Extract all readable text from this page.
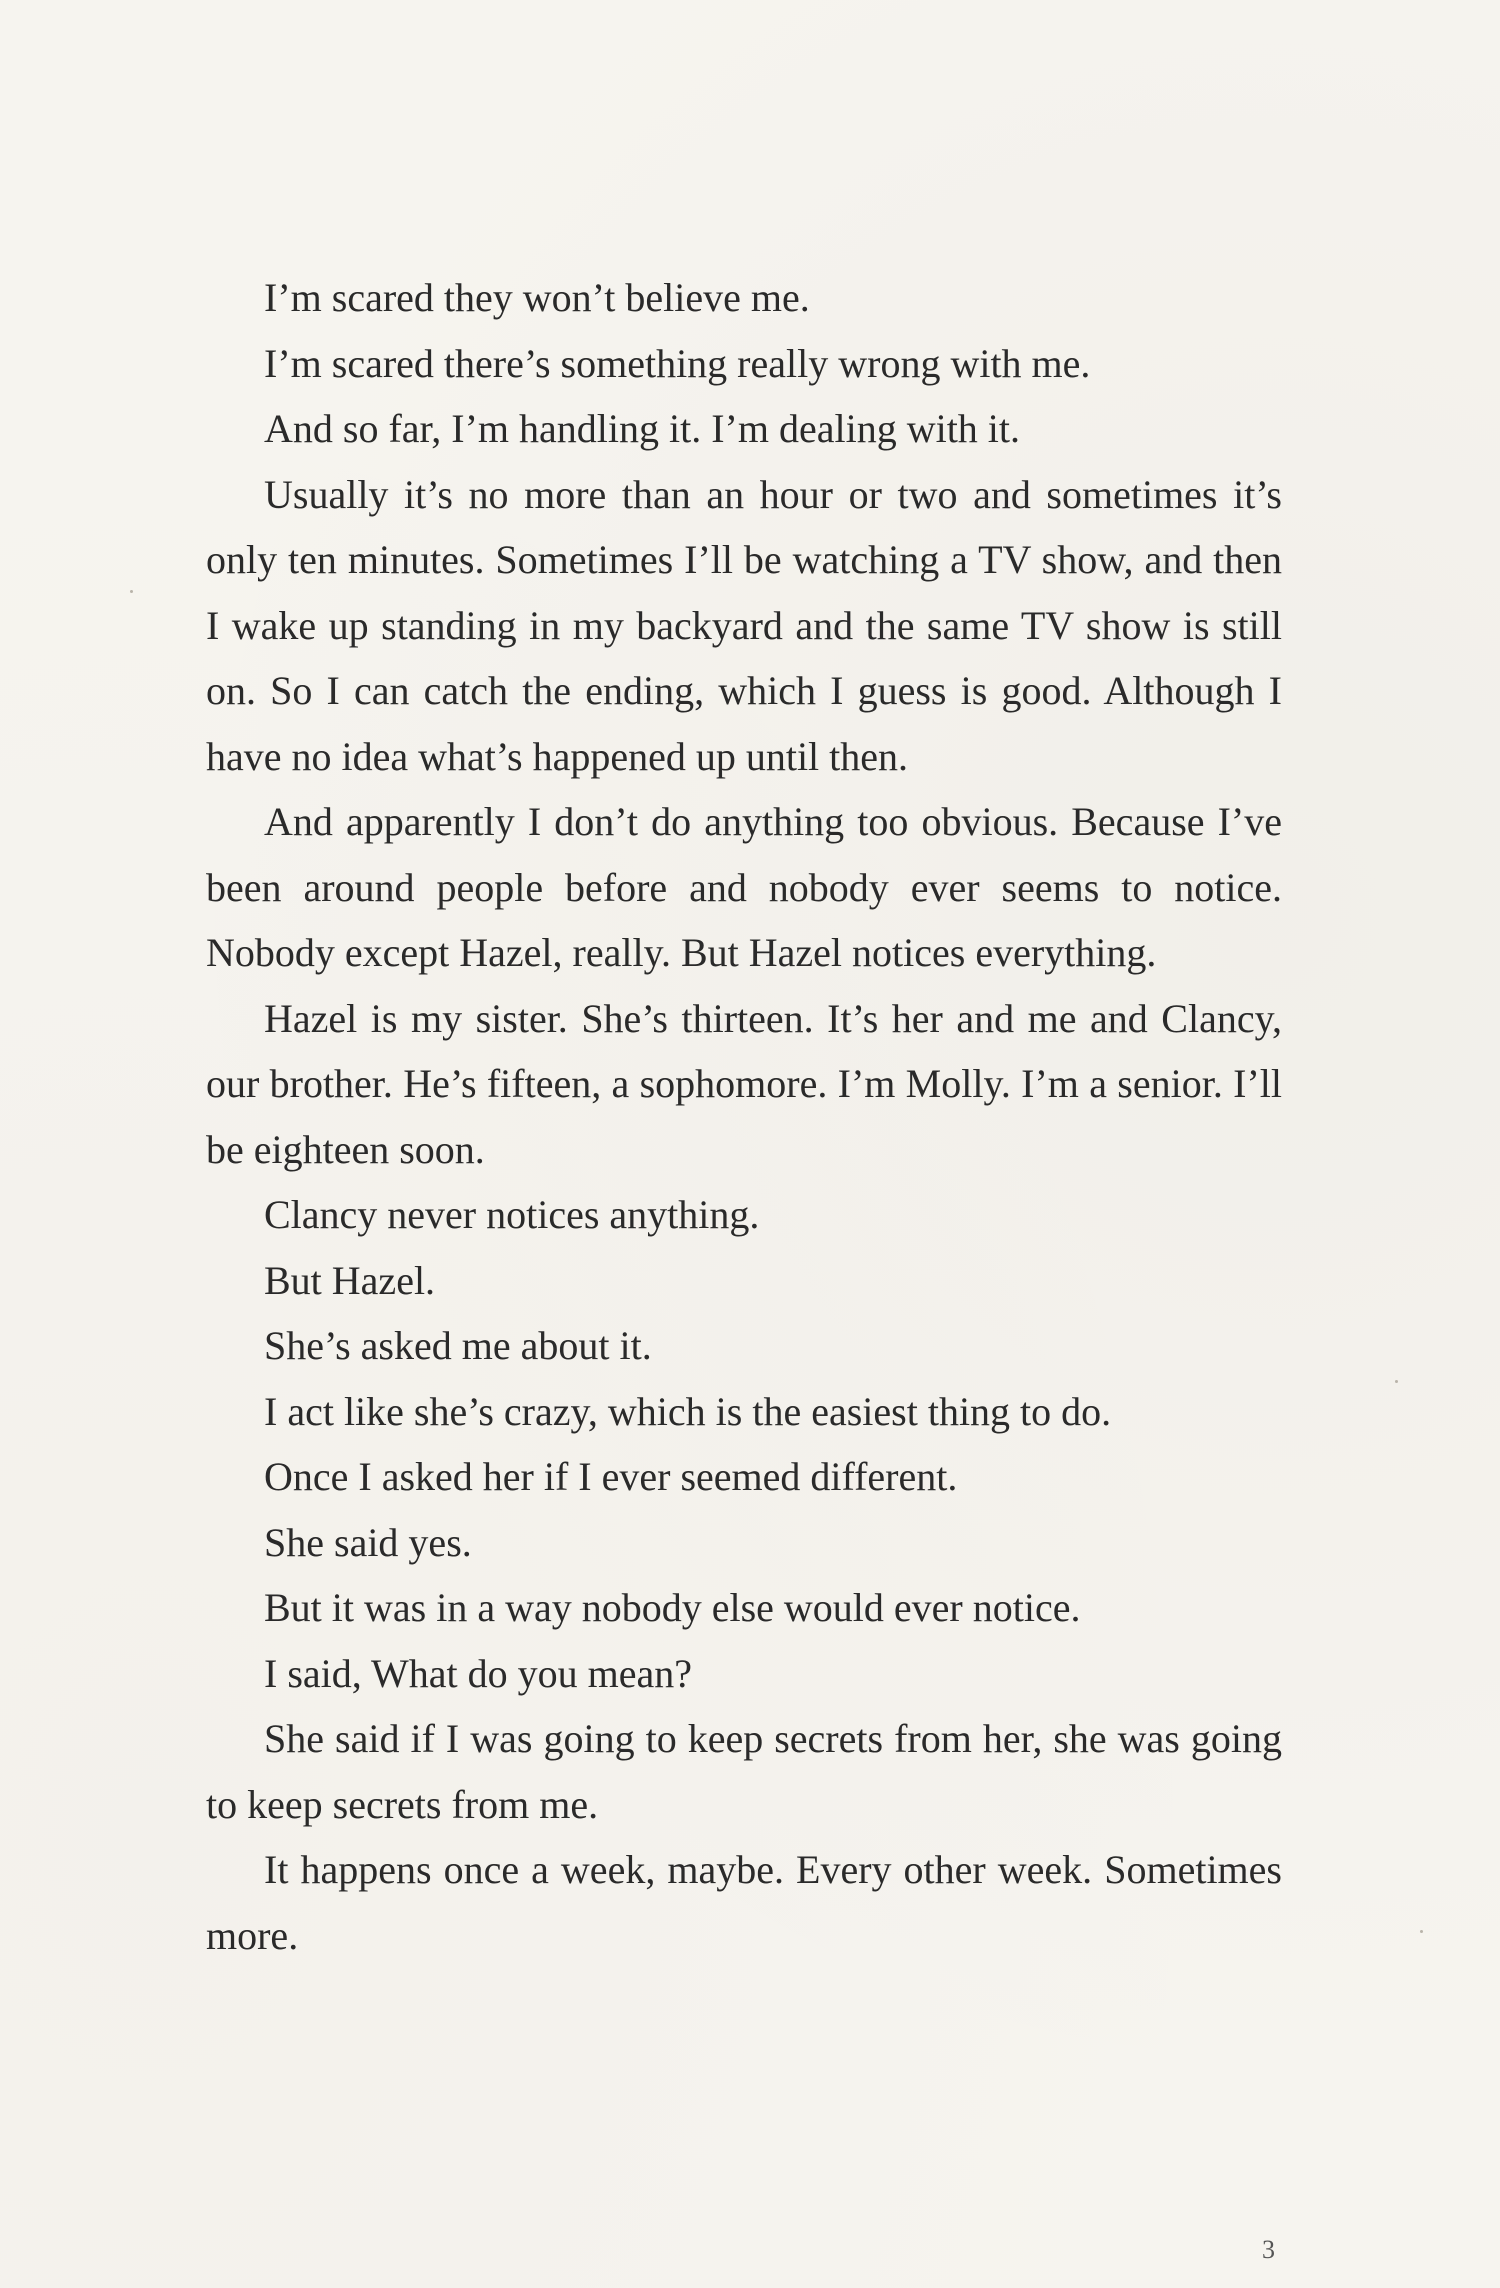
I’m scared they won’t believe me.

I’m scared there’s something really wrong with me.

And so far, I’m handling it. I’m dealing with it.

Usually it’s no more than an hour or two and sometimes it’s only ten minutes. Sometimes I’ll be watching a TV show, and then I wake up standing in my backyard and the same TV show is still on. So I can catch the ending, which I guess is good. Although I have no idea what’s happened up until then.

And apparently I don’t do anything too obvious. Because I’ve been around people before and nobody ever seems to notice. Nobody except Hazel, really. But Hazel notices everything.

Hazel is my sister. She’s thirteen. It’s her and me and Clancy, our brother. He’s fifteen, a sophomore. I’m Molly. I’m a senior. I’ll be eighteen soon.

Clancy never notices anything.

But Hazel.

She’s asked me about it.

I act like she’s crazy, which is the easiest thing to do.

Once I asked her if I ever seemed different.

She said yes.

But it was in a way nobody else would ever notice.

I said, What do you mean?

She said if I was going to keep secrets from her, she was going to keep secrets from me.

It happens once a week, maybe. Every other week. Sometimes more.

3
